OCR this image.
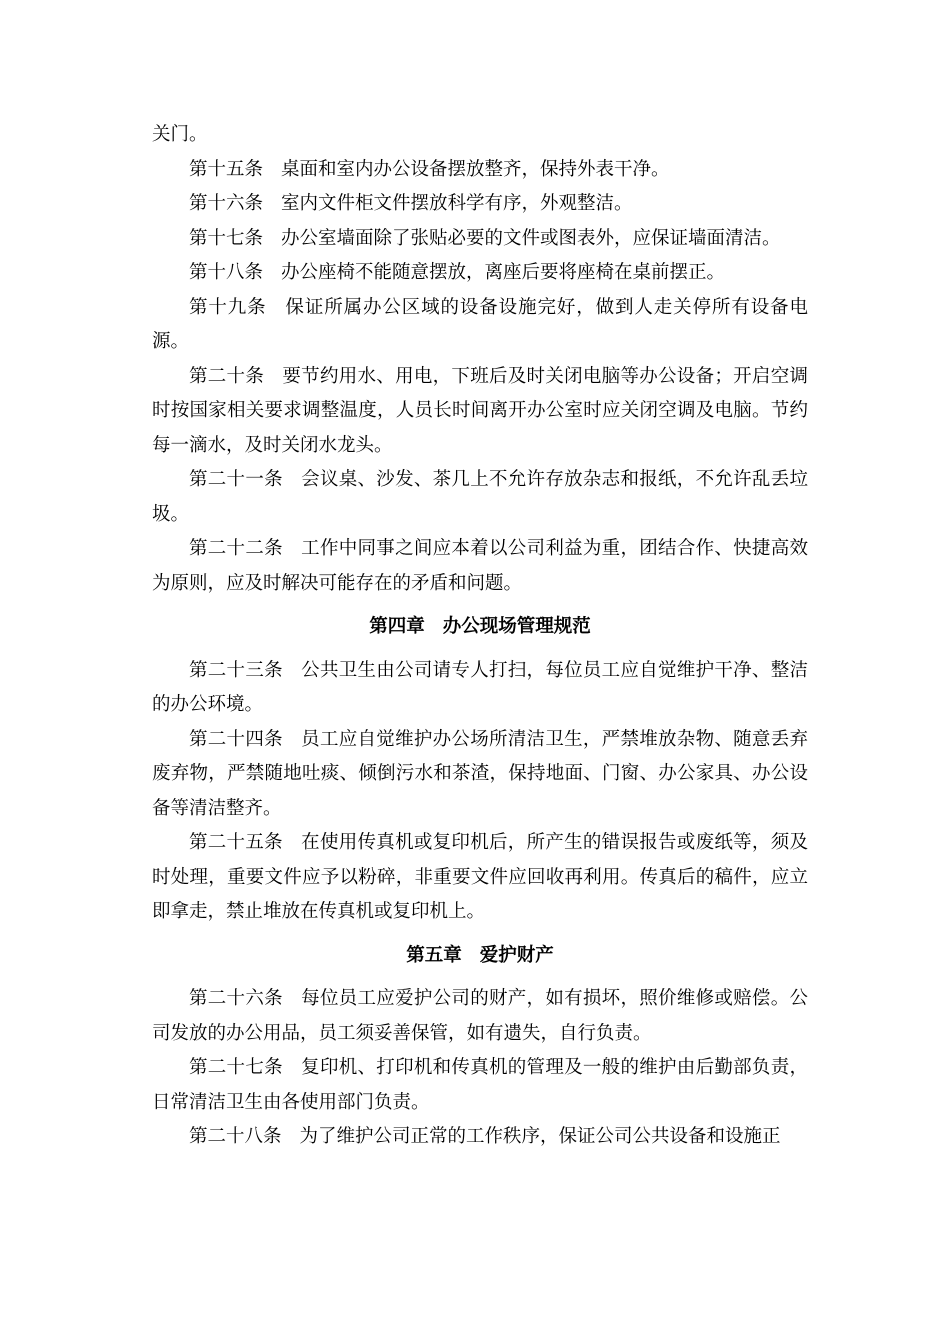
关门。

第十五条 桌面和室内办公设备摆放整齐，保持外表干净。

第十六条 室内文件柜文件摆放科学有序，外观整洁。

第十七条 办公室墙面除了张贴必要的文件或图表外，应保证墙面清洁。

第十八条 办公座椅不能随意摆放，离座后要将座椅在桌前摆正。

第十九条 保证所属办公区域的设备设施完好，做到人走关停所有设备电源。

第二十条 要节约用水、用电，下班后及时关闭电脑等办公设备；开启空调时按国家相关要求调整温度，人员长时间离开办公室时应关闭空调及电脑。节约每一滴水，及时关闭水龙头。

第二十一条 会议桌、沙发、茶几上不允许存放杂志和报纸，不允许乱丢垃圾。

第二十二条 工作中同事之间应本着以公司利益为重，团结合作、快捷高效为原则，应及时解决可能存在的矛盾和问题。

第四章 办公现场管理规范

第二十三条 公共卫生由公司请专人打扫，每位员工应自觉维护干净、整洁的办公环境。

第二十四条 员工应自觉维护办公场所清洁卫生，严禁堆放杂物、随意丢弃废弃物，严禁随地吐痰、倾倒污水和茶渣，保持地面、门窗、办公家具、办公设备等清洁整齐。

第二十五条 在使用传真机或复印机后，所产生的错误报告或废纸等，须及时处理，重要文件应予以粉碎，非重要文件应回收再利用。传真后的稿件，应立即拿走，禁止堆放在传真机或复印机上。

第五章 爱护财产

第二十六条 每位员工应爱护公司的财产，如有损坏，照价维修或赔偿。公司发放的办公用品，员工须妥善保管，如有遗失，自行负责。

第二十七条 复印机、打印机和传真机的管理及一般的维护由后勤部负责，日常清洁卫生由各使用部门负责。

第二十八条 为了维护公司正常的工作秩序，保证公司公共设备和设施正
